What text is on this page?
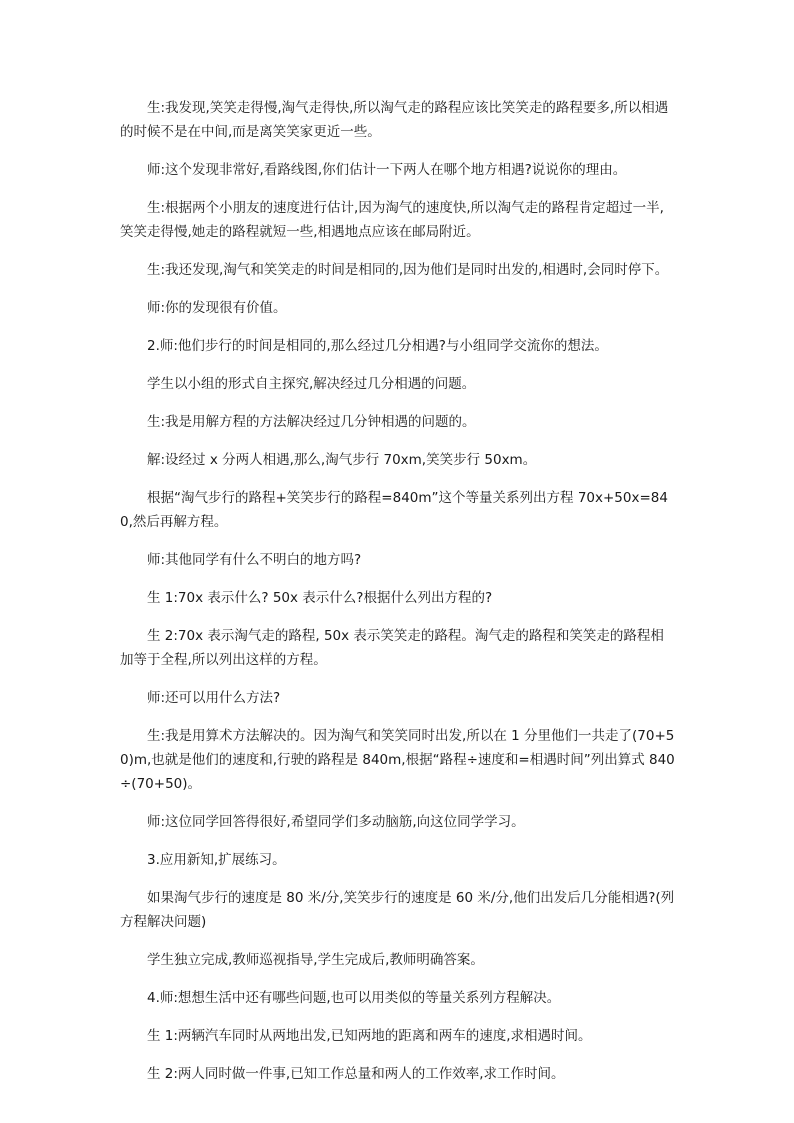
生:我发现,笑笑走得慢,淘气走得快,所以淘气走的路程应该比笑笑走的路程要多,所以相遇的时候不是在中间,而是离笑笑家更近一些。

师:这个发现非常好,看路线图,你们估计一下两人在哪个地方相遇?说说你的理由。

生:根据两个小朋友的速度进行估计,因为淘气的速度快,所以淘气走的路程肯定超过一半,笑笑走得慢,她走的路程就短一些,相遇地点应该在邮局附近。

生:我还发现,淘气和笑笑走的时间是相同的,因为他们是同时出发的,相遇时,会同时停下。

师:你的发现很有价值。

2.师:他们步行的时间是相同的,那么经过几分相遇?与小组同学交流你的想法。

学生以小组的形式自主探究,解决经过几分相遇的问题。

生:我是用解方程的方法解决经过几分钟相遇的问题的。

解:设经过 x 分两人相遇,那么,淘气步行 70xm,笑笑步行 50xm。

根据“淘气步行的路程+笑笑步行的路程=840m”这个等量关系列出方程 70x+50x=840,然后再解方程。

师:其他同学有什么不明白的地方吗?

生 1:70x 表示什么? 50x 表示什么?根据什么列出方程的?

生 2:70x 表示淘气走的路程, 50x 表示笑笑走的路程。淘气走的路程和笑笑走的路程相加等于全程,所以列出这样的方程。

师:还可以用什么方法?

生:我是用算术方法解决的。因为淘气和笑笑同时出发,所以在 1 分里他们一共走了(70+50)m,也就是他们的速度和,行驶的路程是 840m,根据“路程÷速度和=相遇时间”列出算式 840÷(70+50)。

师:这位同学回答得很好,希望同学们多动脑筋,向这位同学学习。

3.应用新知,扩展练习。

如果淘气步行的速度是 80 米/分,笑笑步行的速度是 60 米/分,他们出发后几分能相遇?(列方程解决问题)

学生独立完成,教师巡视指导,学生完成后,教师明确答案。

4.师:想想生活中还有哪些问题,也可以用类似的等量关系列方程解决。

生 1:两辆汽车同时从两地出发,已知两地的距离和两车的速度,求相遇时间。

生 2:两人同时做一件事,已知工作总量和两人的工作效率,求工作时间。
